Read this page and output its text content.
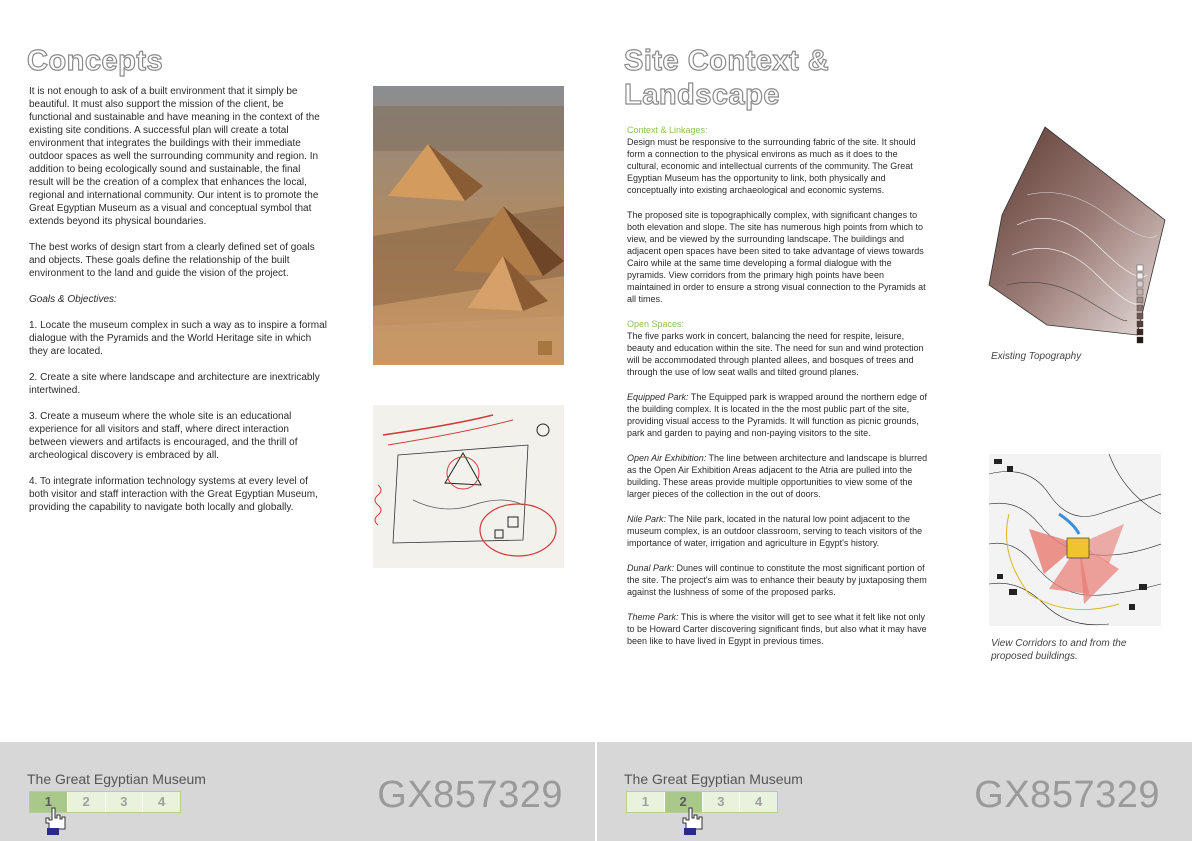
Concepts

It is not enough to ask of a built environment that it simply be beautiful. It must also support the mission of the client, be functional and sustainable and have meaning in the context of the existing site conditions. A successful plan will create a total environment that integrates the buildings with their immediate outdoor spaces as well the surrounding community and region. In addition to being ecologically sound and sustainable, the final result will be the creation of a complex that enhances the local, regional and international community. Our intent is to promote the Great Egyptian Museum as a visual and conceptual symbol that extends beyond its physical boundaries.

The best works of design start from a clearly defined set of goals and objects. These goals define the relationship of the built environment to the land and guide the vision of the project.

Goals & Objectives:

1. Locate the museum complex in such a way as to inspire a formal dialogue with the Pyramids and the World Heritage site in which they are located.

2. Create a site where landscape and architecture are inextricably intertwined.

3. Create a museum where the whole site is an educational experience for all visitors and staff, where direct interaction between viewers and artifacts is encouraged, and the thrill of archeological discovery is embraced by all.

4. To integrate information technology systems at every level of both visitor and staff interaction with the Great Egyptian Museum, providing the capability to navigate both locally and globally.

The Great Egyptian Museum
1	2	3	4	GX857329
Site Context &
Landscape
Context & Linkages:

Design must be responsive to the surrounding fabric of the site. It should form a connection to the physical environs as much as it does to the cultural, economic and intellectual currents of the community. The Great Egyptian Museum has the opportunity to link, both physically and conceptually into existing archaeological and economic systems.

The proposed site is topographically complex, with significant changes to both elevation and slope. The site has numerous high points from which to view, and be viewed by the surrounding landscape. The buildings and adjacent open spaces have been sited to take advantage of views towards Cairo while at the same time developing a formal dialogue with the pyramids. View corridors from the primary high points have been maintained in order to ensure a strong visual connection to the Pyramids at all times.

Open Spaces:

The five parks work in concert, balancing the need for respite, leisure, beauty and education within the site. The need for sun and wind protection will be accommodated through planted allees, and bosques of trees and through the use of low seat walls and tilted ground planes.

Equipped Park: The Equipped park is wrapped around the northern edge of the building complex. It is located in the the most public part of the site, providing visual access to the Pyramids. It will function as picnic grounds, park and garden to paying and non-paying visitors to the site.

Open Air Exhibition: The line between architecture and landscape is blurred as the Open Air Exhibition Areas adjacent to the Atria are pulled into the building. These areas provide multiple opportunities to view some of the larger pieces of the collection in the out of doors.

Nile Park: The Nile park, located in the natural low point adjacent to the museum complex, is an outdoor classroom, serving to teach visitors of the importance of water, irrigation and agriculture in Egypt's history.

Dunal Park: Dunes will continue to constitute the most significant portion of the site. The project's aim was to enhance their beauty by juxtaposing them against the lushness of some of the proposed parks.

Theme Park: This is where the visitor will get to see what it felt like not only to be Howard Carter discovering significant finds, but also what it may have been like to have lived in Egypt in previous times.

Existing Topography
View Corridors to and from the proposed buildings.
The Great Egyptian Museum
1	2	3	4	GX857329
